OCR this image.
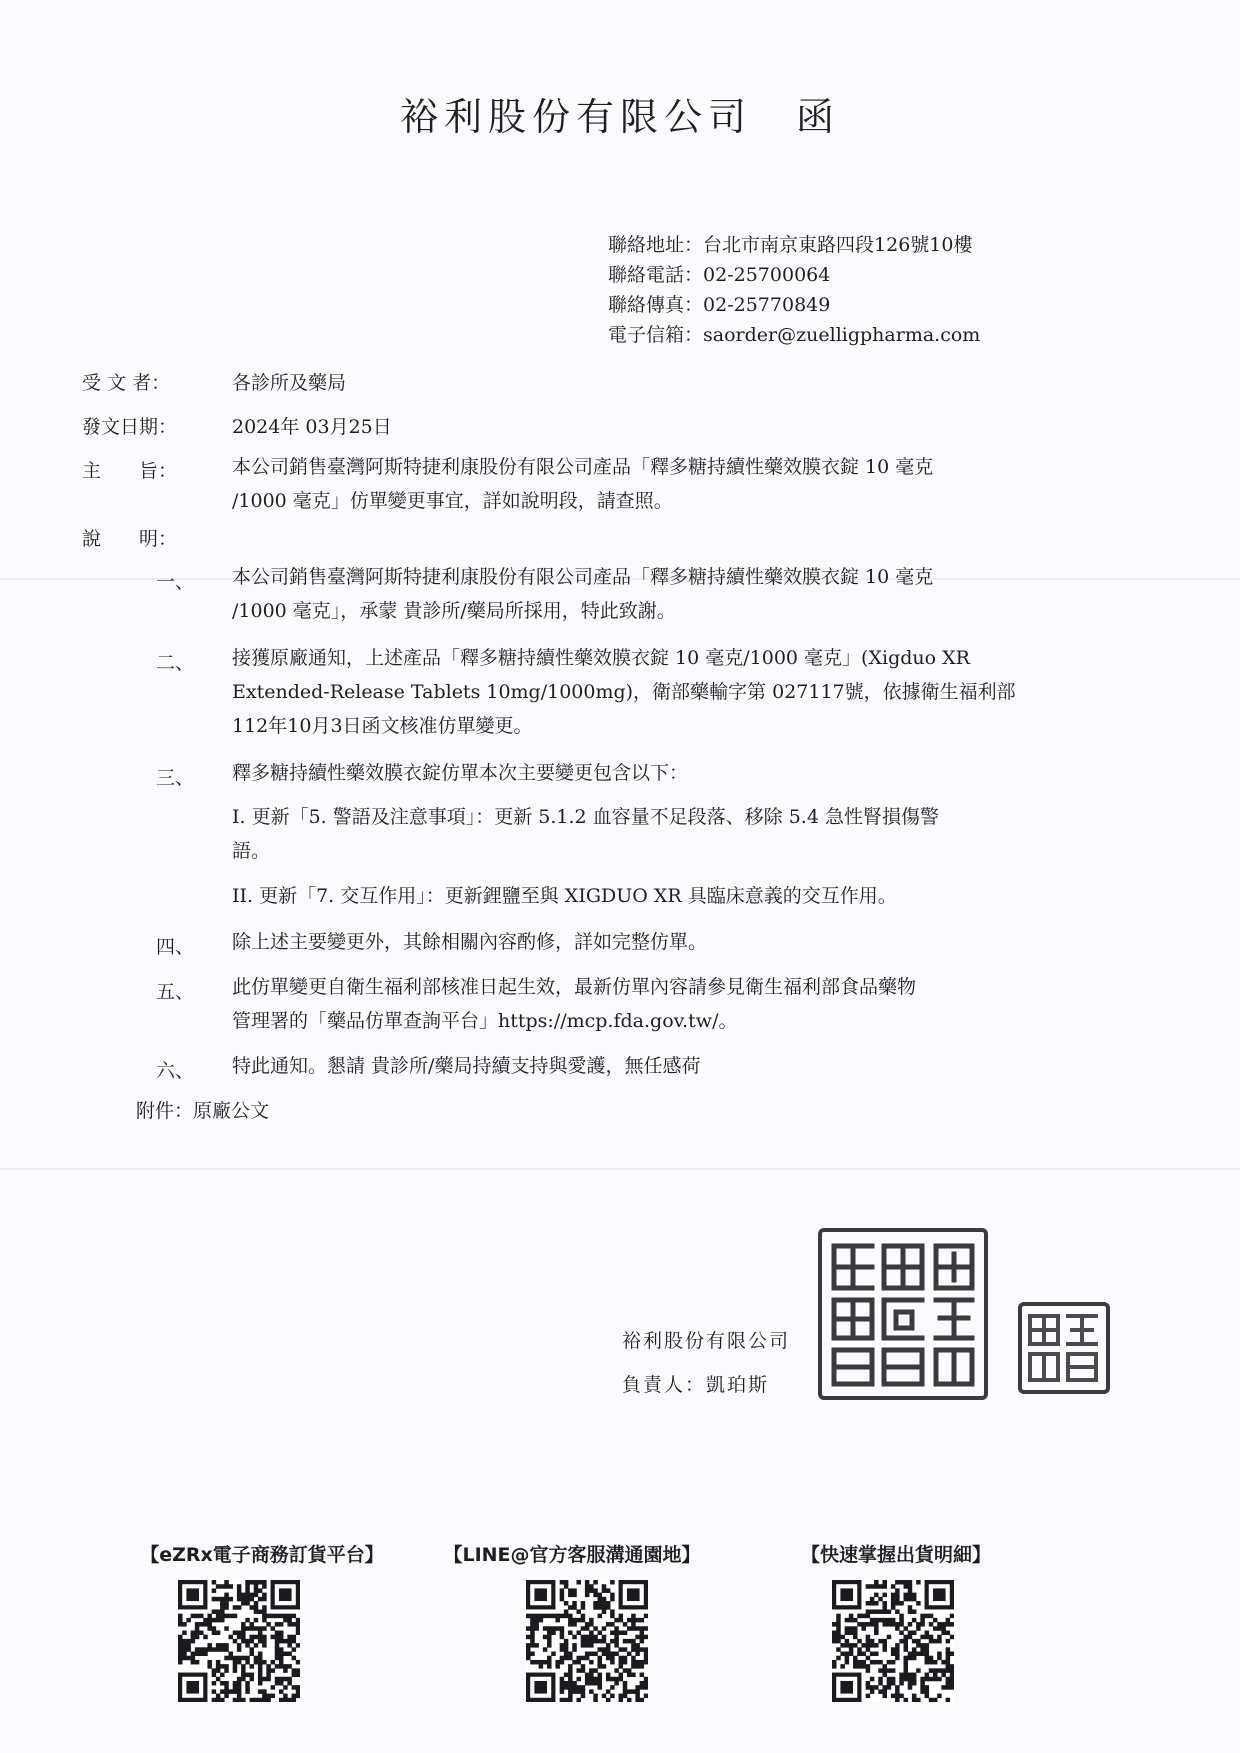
裕利股份有限公司　函
聯絡地址：台北市南京東路四段126號10樓
聯絡電話：02-25700064
聯絡傳真：02-25770849
電子信箱：saorder@zuelligpharma.com
受 文 者：	各診所及藥局
發文日期：	2024年 03月25日
主　　旨：	本公司銷售臺灣阿斯特捷利康股份有限公司產品「釋多糖持續性藥效膜衣錠 10 毫克
/1000 毫克」仿單變更事宜，詳如說明段，請查照。
說　　明：
一、 本公司銷售臺灣阿斯特捷利康股份有限公司產品「釋多糖持續性藥效膜衣錠 10 毫克
/1000 毫克」，承蒙 貴診所/藥局所採用，特此致謝。
二、 接獲原廠通知，上述產品「釋多糖持續性藥效膜衣錠 10 毫克/1000 毫克」(Xigduo XR
Extended-Release Tablets 10mg/1000mg)，衛部藥輸字第 027117號，依據衛生福利部
112年10月3日函文核准仿單變更。
三、 釋多糖持續性藥效膜衣錠仿單本次主要變更包含以下：
I. 更新「5. 警語及注意事項」：更新 5.1.2 血容量不足段落、移除 5.4 急性腎損傷警
語。
II. 更新「7. 交互作用」：更新鋰鹽至與 XIGDUO XR 具臨床意義的交互作用。
四、 除上述主要變更外，其餘相關內容酌修，詳如完整仿單。
五、 此仿單變更自衛生福利部核准日起生效，最新仿單內容請參見衛生福利部食品藥物
管理署的「藥品仿單查詢平台」https://mcp.fda.gov.tw/。
六、 特此通知。懇請 貴診所/藥局持續支持與愛護，無任感荷
附件：原廠公文
裕利股份有限公司
負責人：凱珀斯
【eZRx電子商務訂貨平台】	【LINE@官方客服溝通園地】	【快速掌握出貨明細】
